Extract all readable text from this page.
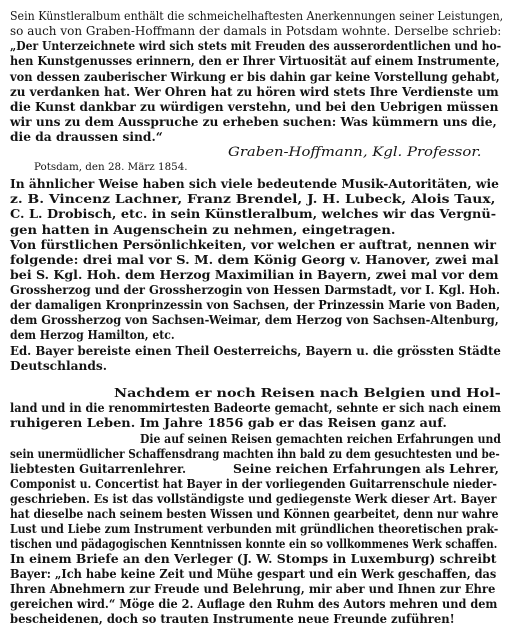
Sein Künstleralbum enthält die schmeichelhaftesten Anerkennungen seiner Leistungen,
so auch von Graben-Hoffmann der damals in Potsdam wohnte. Derselbe schrieb:
„Der Unterzeichnete wird sich stets mit Freuden des ausserordentlichen und ho-
hen Kunstgenusses erinnern, den er Ihrer Virtuosität auf einem Instrumente,
von dessen zauberischer Wirkung er bis dahin gar keine Vorstellung gehabt,
zu verdanken hat. Wer Ohren hat zu hören wird stets Ihre Verdienste um
die Kunst dankbar zu würdigen verstehn, und bei den Uebrigen müssen
wir uns zu dem Ausspruche zu erheben suchen: Was kümmern uns die,
die da draussen sind.“
Graben-Hoffmann, Kgl. Professor.
Potsdam, den 28. März 1854.
In ähnlicher Weise haben sich viele bedeutende Musik-Autoritäten, wie
z. B. Vincenz Lachner, Franz Brendel, J. H. Lubeck, Alois Taux,
C. L. Drobisch, etc. in sein Künstleralbum, welches wir das Vergnü-
gen hatten in Augenschein zu nehmen, eingetragen.
Von fürstlichen Persönlichkeiten, vor welchen er auftrat, nennen wir
folgende: drei mal vor S. M. dem König Georg v. Hanover, zwei mal
bei S. Kgl. Hoh. dem Herzog Maximilian in Bayern, zwei mal vor dem
Grossherzog und der Grossherzogin von Hessen Darmstadt, vor I. Kgl. Hoh.
der damaligen Kronprinzessin von Sachsen, der Prinzessin Marie von Baden,
dem Grossherzog von Sachsen-Weimar, dem Herzog von Sachsen-Altenburg,
dem Herzog Hamilton, etc.
Ed. Bayer bereiste einen Theil Oesterreichs, Bayern u. die grössten Städte
Deutschlands.
Nachdem er noch Reisen nach Belgien und Hol-
land und in die renommirtesten Badeorte gemacht, sehnte er sich nach einem
ruhigeren Leben. Im Jahre 1856 gab er das Reisen ganz auf.
Die auf seinen Reisen gemachten reichen Erfahrungen und
sein unermüdlicher Schaffensdrang machten ihn bald zu dem gesuchtesten und be-
liebtesten Guitarrenlehrer.	Seine reichen Erfahrungen als Lehrer,
Componist u. Concertist hat Bayer in der vorliegenden Guitarrenschule nieder-
geschrieben. Es ist das vollständigste und gediegenste Werk dieser Art. Bayer
hat dieselbe nach seinem besten Wissen und Können gearbeitet, denn nur wahre
Lust und Liebe zum Instrument verbunden mit gründlichen theoretischen prak-
tischen und pädagogischen Kenntnissen konnte ein so vollkommenes Werk schaffen.
In einem Briefe an den Verleger (J. W. Stomps in Luxemburg) schreibt
Bayer: „Ich habe keine Zeit und Mühe gespart und ein Werk geschaffen, das
Ihren Abnehmern zur Freude und Belehrung, mir aber und Ihnen zur Ehre
gereichen wird.“ Möge die 2. Auflage den Ruhm des Autors mehren und dem
bescheidenen, doch so trauten Instrumente neue Freunde zuführen!
